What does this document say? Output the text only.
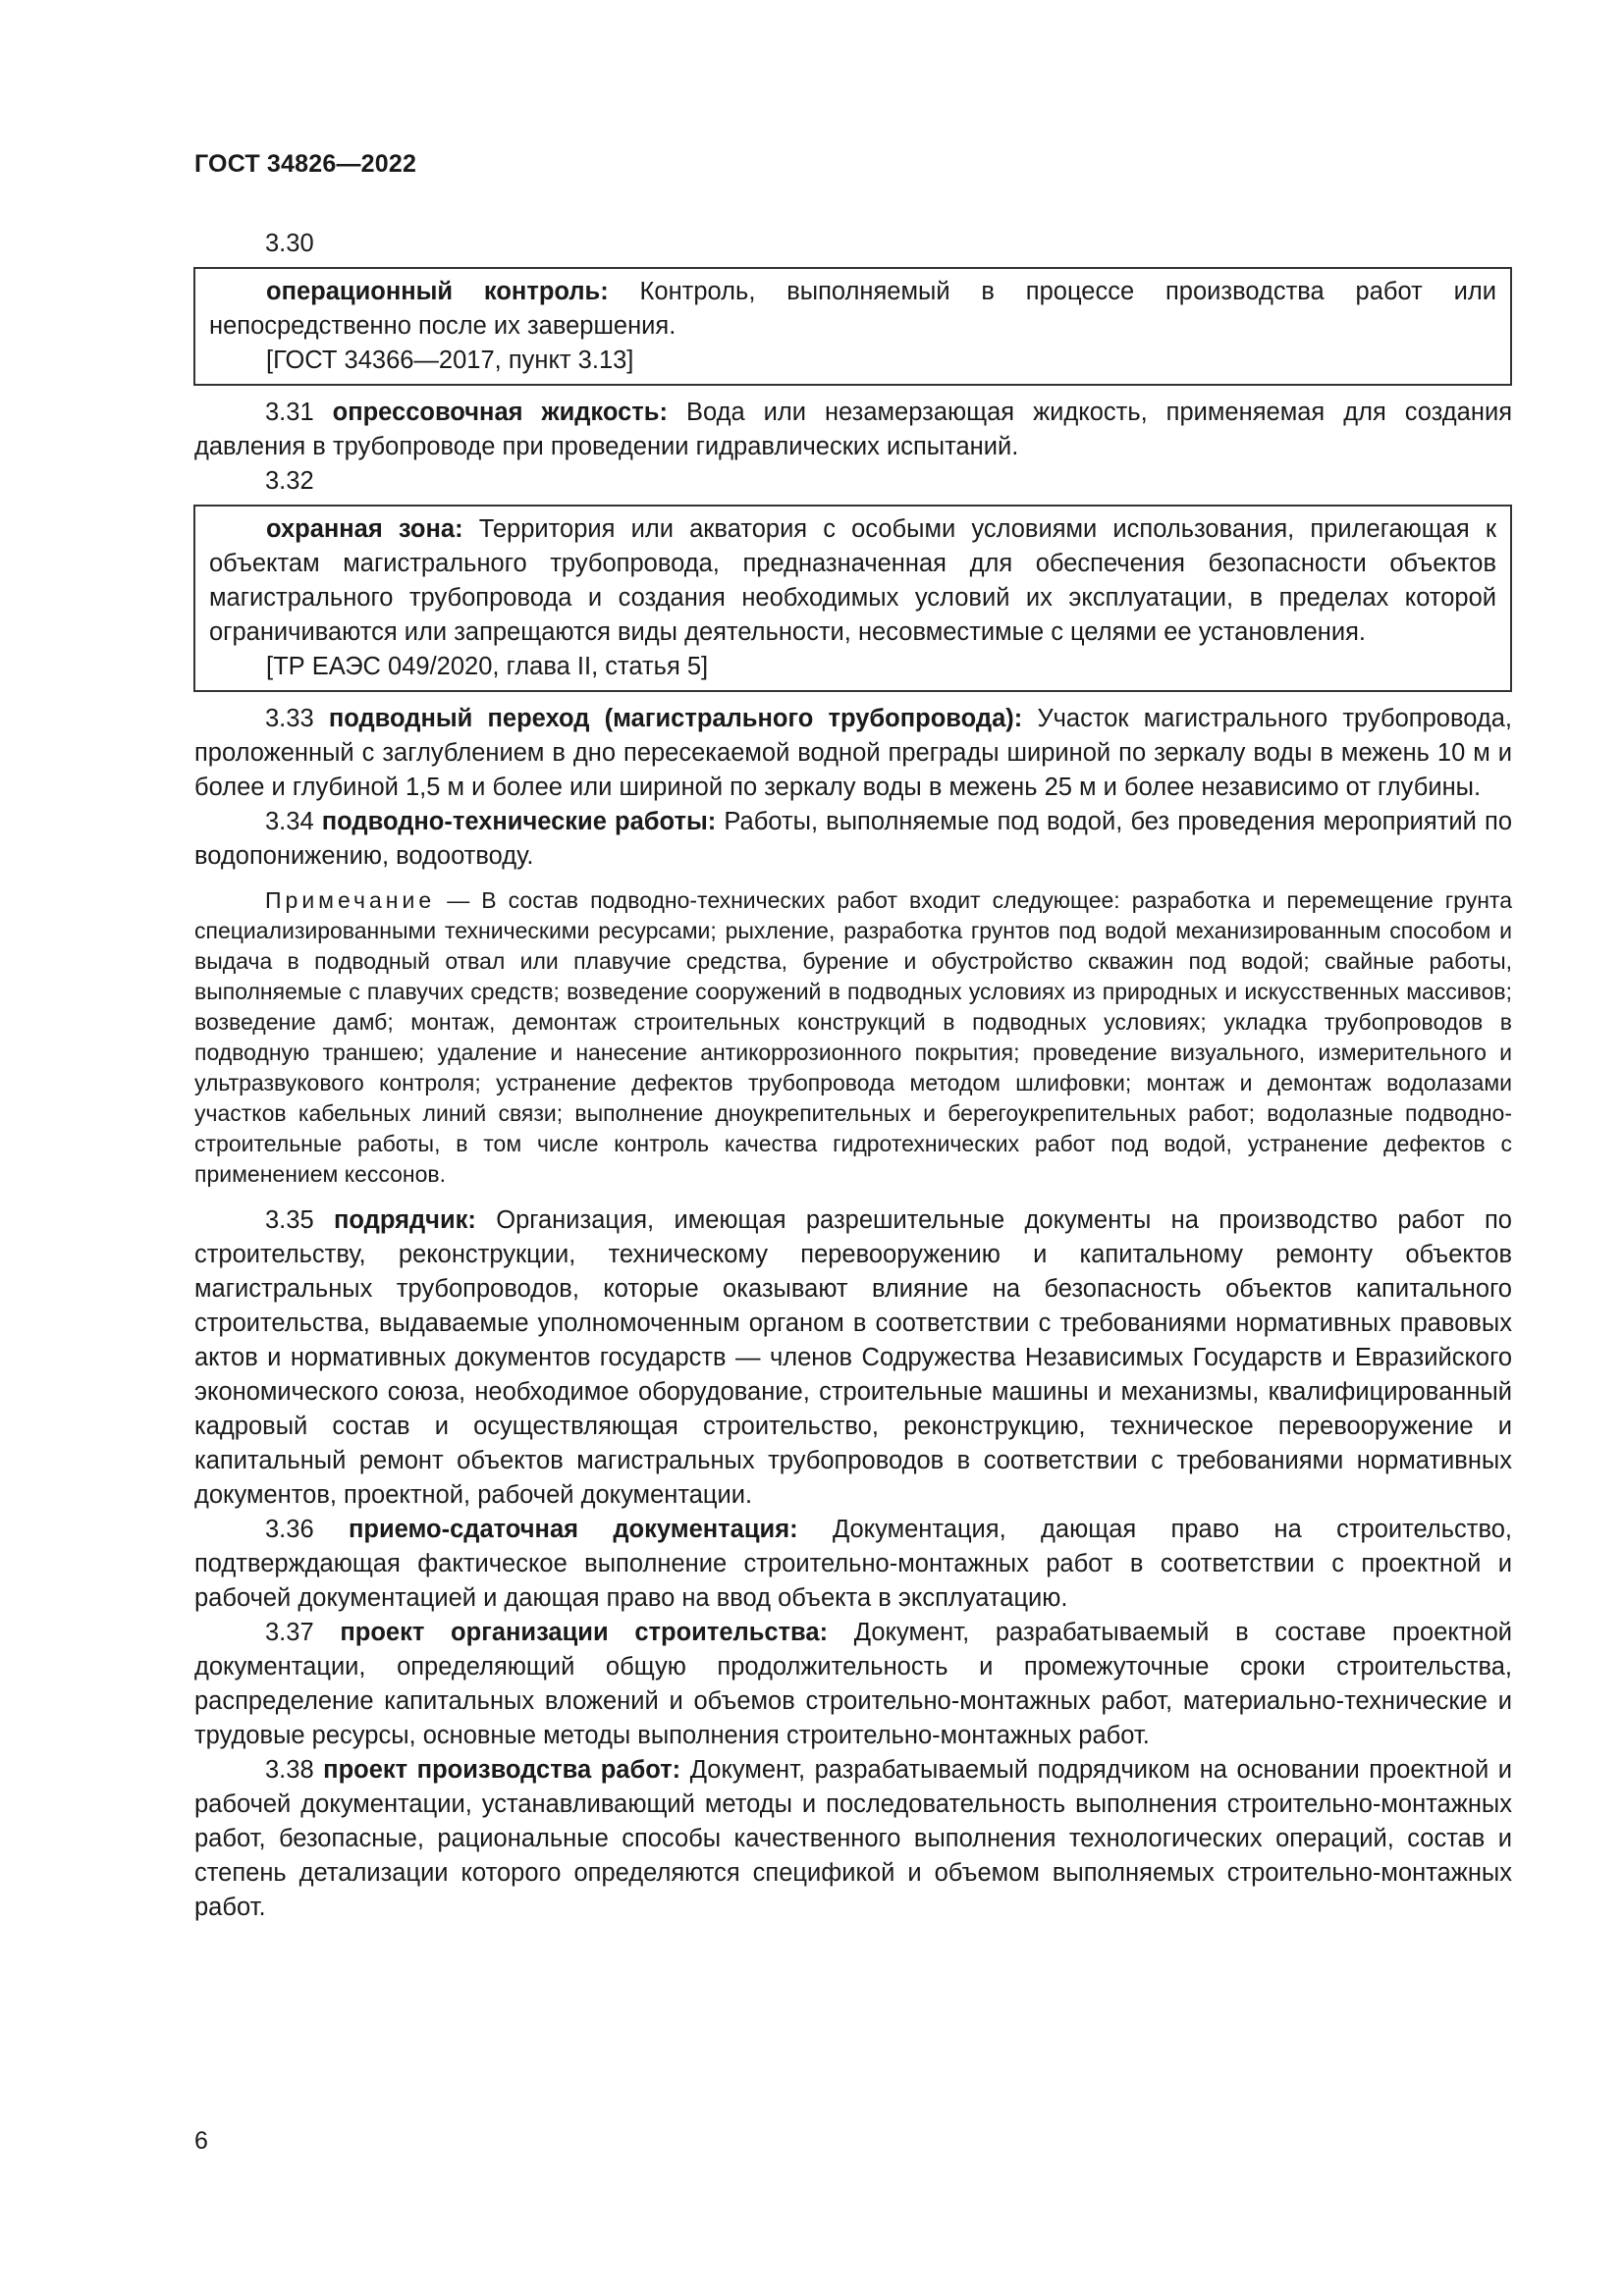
ГОСТ 34826—2022
3.30

операционный контроль: Контроль, выполняемый в процессе производства работ или непосредственно после их завершения.

[ГОСТ 34366—2017, пункт 3.13]

3.31 опрессовочная жидкость: Вода или незамерзающая жидкость, применяемая для создания давления в трубопроводе при проведении гидравлических испытаний.

3.32

охранная зона: Территория или акватория с особыми условиями использования, прилегающая к объектам магистрального трубопровода, предназначенная для обеспечения безопасности объектов магистрального трубопровода и создания необходимых условий их эксплуатации, в пределах которой ограничиваются или запрещаются виды деятельности, несовместимые с целями ее установления.

[ТР ЕАЭС 049/2020, глава II, статья 5]

3.33 подводный переход (магистрального трубопровода): Участок магистрального трубопровода, проложенный с заглублением в дно пересекаемой водной преграды шириной по зеркалу воды в межень 10 м и более и глубиной 1,5 м и более или шириной по зеркалу воды в межень 25 м и более независимо от глубины.

3.34 подводно-технические работы: Работы, выполняемые под водой, без проведения мероприятий по водопонижению, водоотводу.

Примечание — В состав подводно-технических работ входит следующее: разработка и перемещение грунта специализированными техническими ресурсами; рыхление, разработка грунтов под водой механизированным способом и выдача в подводный отвал или плавучие средства, бурение и обустройство скважин под водой; свайные работы, выполняемые с плавучих средств; возведение сооружений в подводных условиях из природных и искусственных массивов; возведение дамб; монтаж, демонтаж строительных конструкций в подводных условиях; укладка трубопроводов в подводную траншею; удаление и нанесение антикоррозионного покрытия; проведение визуального, измерительного и ультразвукового контроля; устранение дефектов трубопровода методом шлифовки; монтаж и демонтаж водолазами участков кабельных линий связи; выполнение дноукрепительных и берегоукрепительных работ; водолазные подводно-строительные работы, в том числе контроль качества гидротехнических работ под водой, устранение дефектов с применением кессонов.

3.35 подрядчик: Организация, имеющая разрешительные документы на производство работ по строительству, реконструкции, техническому перевооружению и капитальному ремонту объектов магистральных трубопроводов, которые оказывают влияние на безопасность объектов капитального строительства, выдаваемые уполномоченным органом в соответствии с требованиями нормативных правовых актов и нормативных документов государств — членов Содружества Независимых Государств и Евразийского экономического союза, необходимое оборудование, строительные машины и механизмы, квалифицированный кадровый состав и осуществляющая строительство, реконструкцию, техническое перевооружение и капитальный ремонт объектов магистральных трубопроводов в соответствии с требованиями нормативных документов, проектной, рабочей документации.

3.36 приемо-сдаточная документация: Документация, дающая право на строительство, подтверждающая фактическое выполнение строительно-монтажных работ в соответствии с проектной и рабочей документацией и дающая право на ввод объекта в эксплуатацию.

3.37 проект организации строительства: Документ, разрабатываемый в составе проектной документации, определяющий общую продолжительность и промежуточные сроки строительства, распределение капитальных вложений и объемов строительно-монтажных работ, материально-технические и трудовые ресурсы, основные методы выполнения строительно-монтажных работ.

3.38 проект производства работ: Документ, разрабатываемый подрядчиком на основании проектной и рабочей документации, устанавливающий методы и последовательность выполнения строительно-монтажных работ, безопасные, рациональные способы качественного выполнения технологических операций, состав и степень детализации которого определяются спецификой и объемом выполняемых строительно-монтажных работ.

6
